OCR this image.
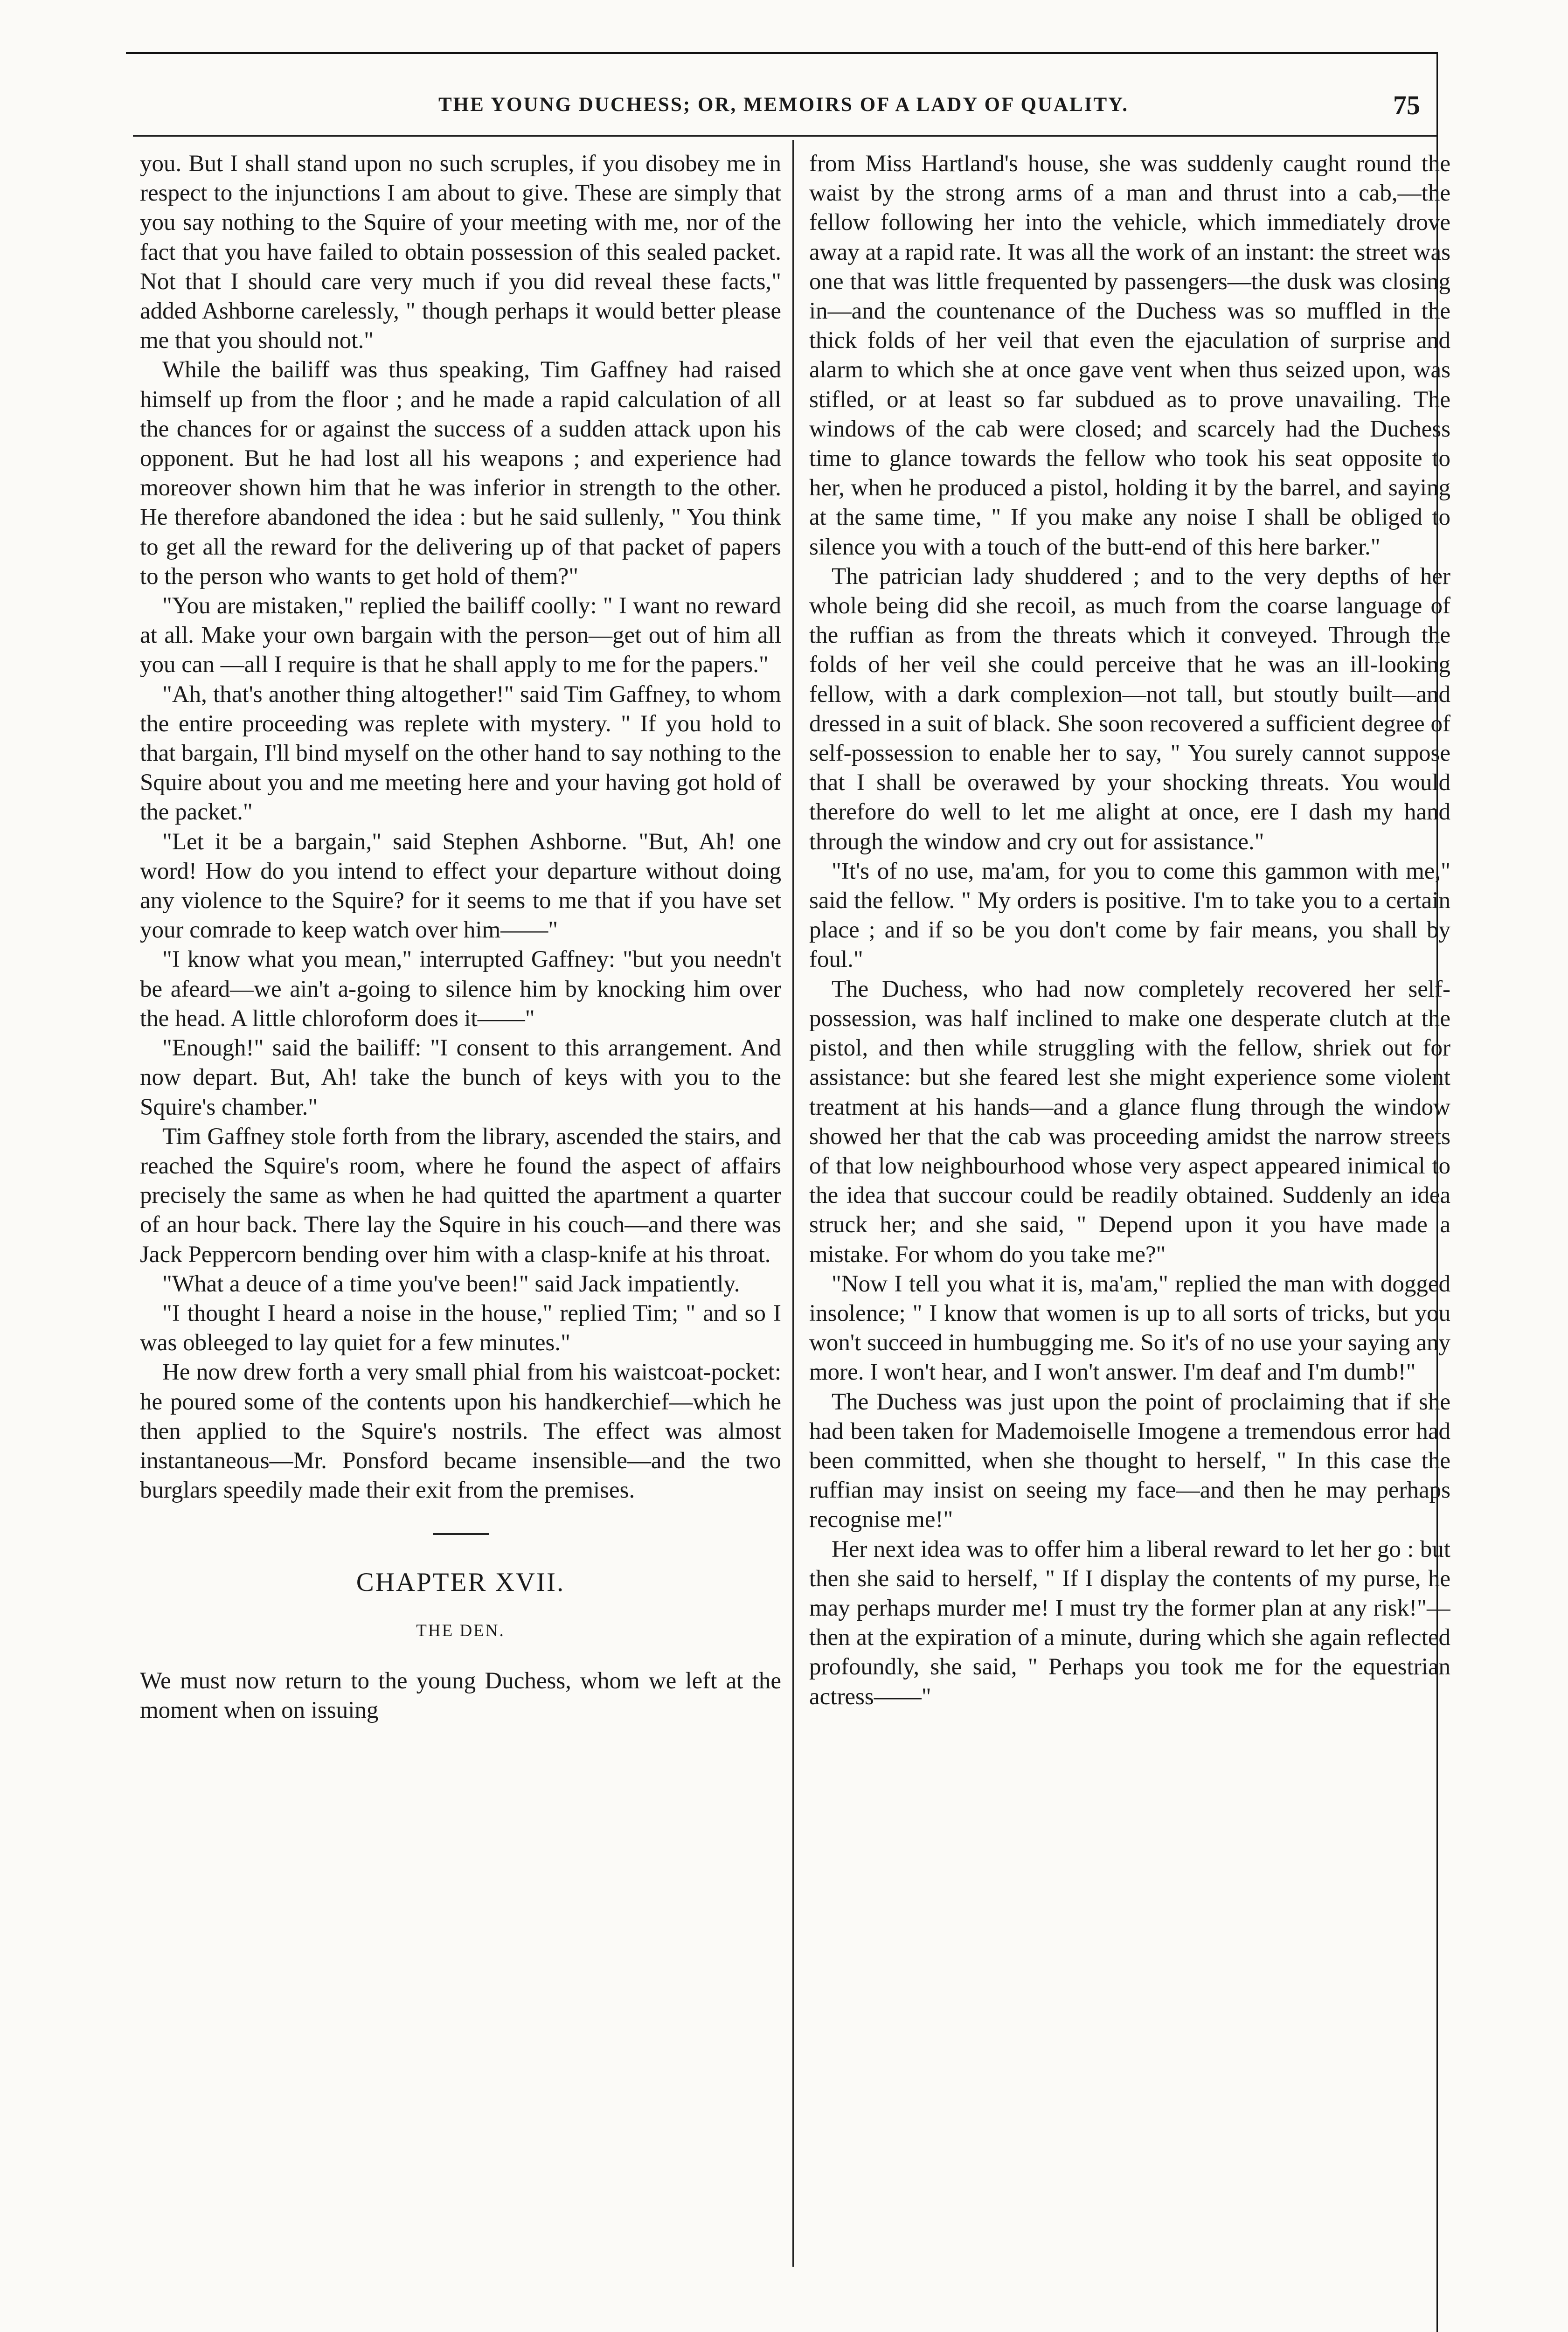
THE YOUNG DUCHESS; OR, MEMOIRS OF A LADY OF QUALITY.	75

you. But I shall stand upon no such scruples, if you disobey me in respect to the injunctions I am about to give. These are simply that you say nothing to the Squire of your meeting with me, nor of the fact that you have failed to obtain possession of this sealed packet. Not that I should care very much if you did reveal these facts," added Ashborne carelessly, " though perhaps it would better please me that you should not."

While the bailiff was thus speaking, Tim Gaffney had raised himself up from the floor ; and he made a rapid calculation of all the chances for or against the success of a sudden attack upon his opponent. But he had lost all his weapons ; and experience had moreover shown him that he was inferior in strength to the other. He therefore abandoned the idea : but he said sullenly, " You think to get all the reward for the delivering up of that packet of papers to the person who wants to get hold of them?"

"You are mistaken," replied the bailiff coolly: " I want no reward at all. Make your own bargain with the person—get out of him all you can —all I require is that he shall apply to me for the papers."

"Ah, that's another thing altogether!" said Tim Gaffney, to whom the entire proceeding was replete with mystery. " If you hold to that bargain, I'll bind myself on the other hand to say nothing to the Squire about you and me meeting here and your having got hold of the packet."

"Let it be a bargain," said Stephen Ashborne. "But, Ah! one word! How do you intend to effect your departure without doing any violence to the Squire? for it seems to me that if you have set your comrade to keep watch over him——"

"I know what you mean," interrupted Gaffney: "but you needn't be afeard—we ain't a-going to silence him by knocking him over the head. A little chloroform does it——"

"Enough!" said the bailiff: "I consent to this arrangement. And now depart. But, Ah! take the bunch of keys with you to the Squire's chamber."

Tim Gaffney stole forth from the library, ascended the stairs, and reached the Squire's room, where he found the aspect of affairs precisely the same as when he had quitted the apartment a quarter of an hour back. There lay the Squire in his couch—and there was Jack Peppercorn bending over him with a clasp-knife at his throat.

"What a deuce of a time you've been!" said Jack impatiently.

"I thought I heard a noise in the house," replied Tim; " and so I was obleeged to lay quiet for a few minutes."

He now drew forth a very small phial from his waistcoat-pocket: he poured some of the contents upon his handkerchief—which he then applied to the Squire's nostrils. The effect was almost instantaneous—Mr. Ponsford became insensible—and the two burglars speedily made their exit from the premises.

CHAPTER XVII.
THE DEN.

We must now return to the young Duchess, whom we left at the moment when on issuing

from Miss Hartland's house, she was suddenly caught round the waist by the strong arms of a man and thrust into a cab,—the fellow following her into the vehicle, which immediately drove away at a rapid rate. It was all the work of an instant: the street was one that was little frequented by passengers—the dusk was closing in—and the countenance of the Duchess was so muffled in the thick folds of her veil that even the ejaculation of surprise and alarm to which she at once gave vent when thus seized upon, was stifled, or at least so far subdued as to prove unavailing. The windows of the cab were closed; and scarcely had the Duchess time to glance towards the fellow who took his seat opposite to her, when he produced a pistol, holding it by the barrel, and saying at the same time, " If you make any noise I shall be obliged to silence you with a touch of the butt-end of this here barker."

The patrician lady shuddered ; and to the very depths of her whole being did she recoil, as much from the coarse language of the ruffian as from the threats which it conveyed. Through the folds of her veil she could perceive that he was an ill-looking fellow, with a dark complexion—not tall, but stoutly built—and dressed in a suit of black. She soon recovered a sufficient degree of self-possession to enable her to say, " You surely cannot suppose that I shall be overawed by your shocking threats. You would therefore do well to let me alight at once, ere I dash my hand through the window and cry out for assistance."

"It's of no use, ma'am, for you to come this gammon with me," said the fellow. " My orders is positive. I'm to take you to a certain place ; and if so be you don't come by fair means, you shall by foul."

The Duchess, who had now completely recovered her self-possession, was half inclined to make one desperate clutch at the pistol, and then while struggling with the fellow, shriek out for assistance: but she feared lest she might experience some violent treatment at his hands—and a glance flung through the window showed her that the cab was proceeding amidst the narrow streets of that low neighbourhood whose very aspect appeared inimical to the idea that succour could be readily obtained. Suddenly an idea struck her; and she said, " Depend upon it you have made a mistake. For whom do you take me?"

"Now I tell you what it is, ma'am," replied the man with dogged insolence; " I know that women is up to all sorts of tricks, but you won't succeed in humbugging me. So it's of no use your saying any more. I won't hear, and I won't answer. I'm deaf and I'm dumb!"

The Duchess was just upon the point of proclaiming that if she had been taken for Mademoiselle Imogene a tremendous error had been committed, when she thought to herself, " In this case the ruffian may insist on seeing my face—and then he may perhaps recognise me!"

Her next idea was to offer him a liberal reward to let her go : but then she said to herself, " If I display the contents of my purse, he may perhaps murder me! I must try the former plan at any risk!"—then at the expiration of a minute, during which she again reflected profoundly, she said, " Perhaps you took me for the equestrian actress——"
